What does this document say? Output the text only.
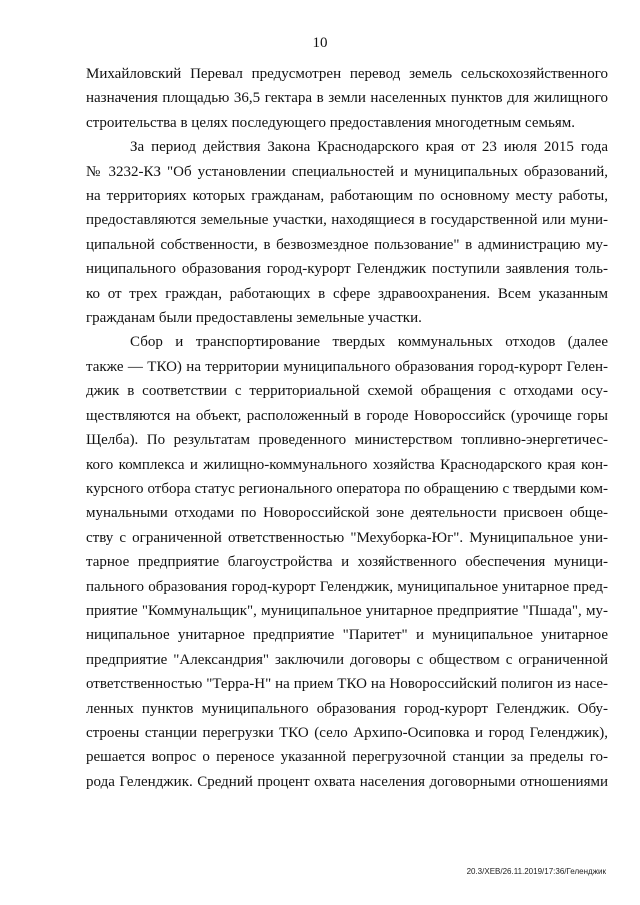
10
Михайловский Перевал предусмотрен перевод земель сельскохозяйственного
назначения площадью 36,5 гектара в земли населенных пунктов для жилищного
строительства в целях последующего предоставления многодетным семьям.
За период действия Закона Краснодарского края от 23 июля 2015 года
№ 3232-КЗ "Об установлении специальностей и муниципальных образований,
на территориях которых гражданам, работающим по основному месту работы,
предоставляются земельные участки, находящиеся в государственной или муни-
ципальной собственности, в безвозмездное пользование" в администрацию му-
ниципального образования город-курорт Геленджик поступили заявления толь-
ко от трех граждан, работающих в сфере здравоохранения. Всем указанным
гражданам были предоставлены земельные участки.
Сбор и транспортирование твердых коммунальных отходов (далее
также — ТКО) на территории муниципального образования город-курорт Гелен-
джик в соответствии с территориальной схемой обращения с отходами осу-
ществляются на объект, расположенный в городе Новороссийск (урочище горы
Щелба). По результатам проведенного министерством топливно-энергетичес-
кого комплекса и жилищно-коммунального хозяйства Краснодарского края кон-
курсного отбора статус регионального оператора по обращению с твердыми ком-
мунальными отходами по Новороссийской зоне деятельности присвоен обще-
ству с ограниченной ответственностью "Мехуборка-Юг". Муниципальное уни-
тарное предприятие благоустройства и хозяйственного обеспечения муници-
пального образования город-курорт Геленджик, муниципальное унитарное пред-
приятие "Коммунальщик", муниципальное унитарное предприятие "Пшада", му-
ниципальное унитарное предприятие "Паритет" и муниципальное унитарное
предприятие "Александрия" заключили договоры с обществом с ограниченной
ответственностью "Терра-Н" на прием ТКО на Новороссийский полигон из насе-
ленных пунктов муниципального образования город-курорт Геленджик. Обу-
строены станции перегрузки ТКО (село Архипо-Осиповка и город Геленджик),
решается вопрос о переносе указанной перегрузочной станции за пределы го-
рода Геленджик. Средний процент охвата населения договорными отношениями
20.3/ХЕВ/26.11.2019/17:36/Геленджик
